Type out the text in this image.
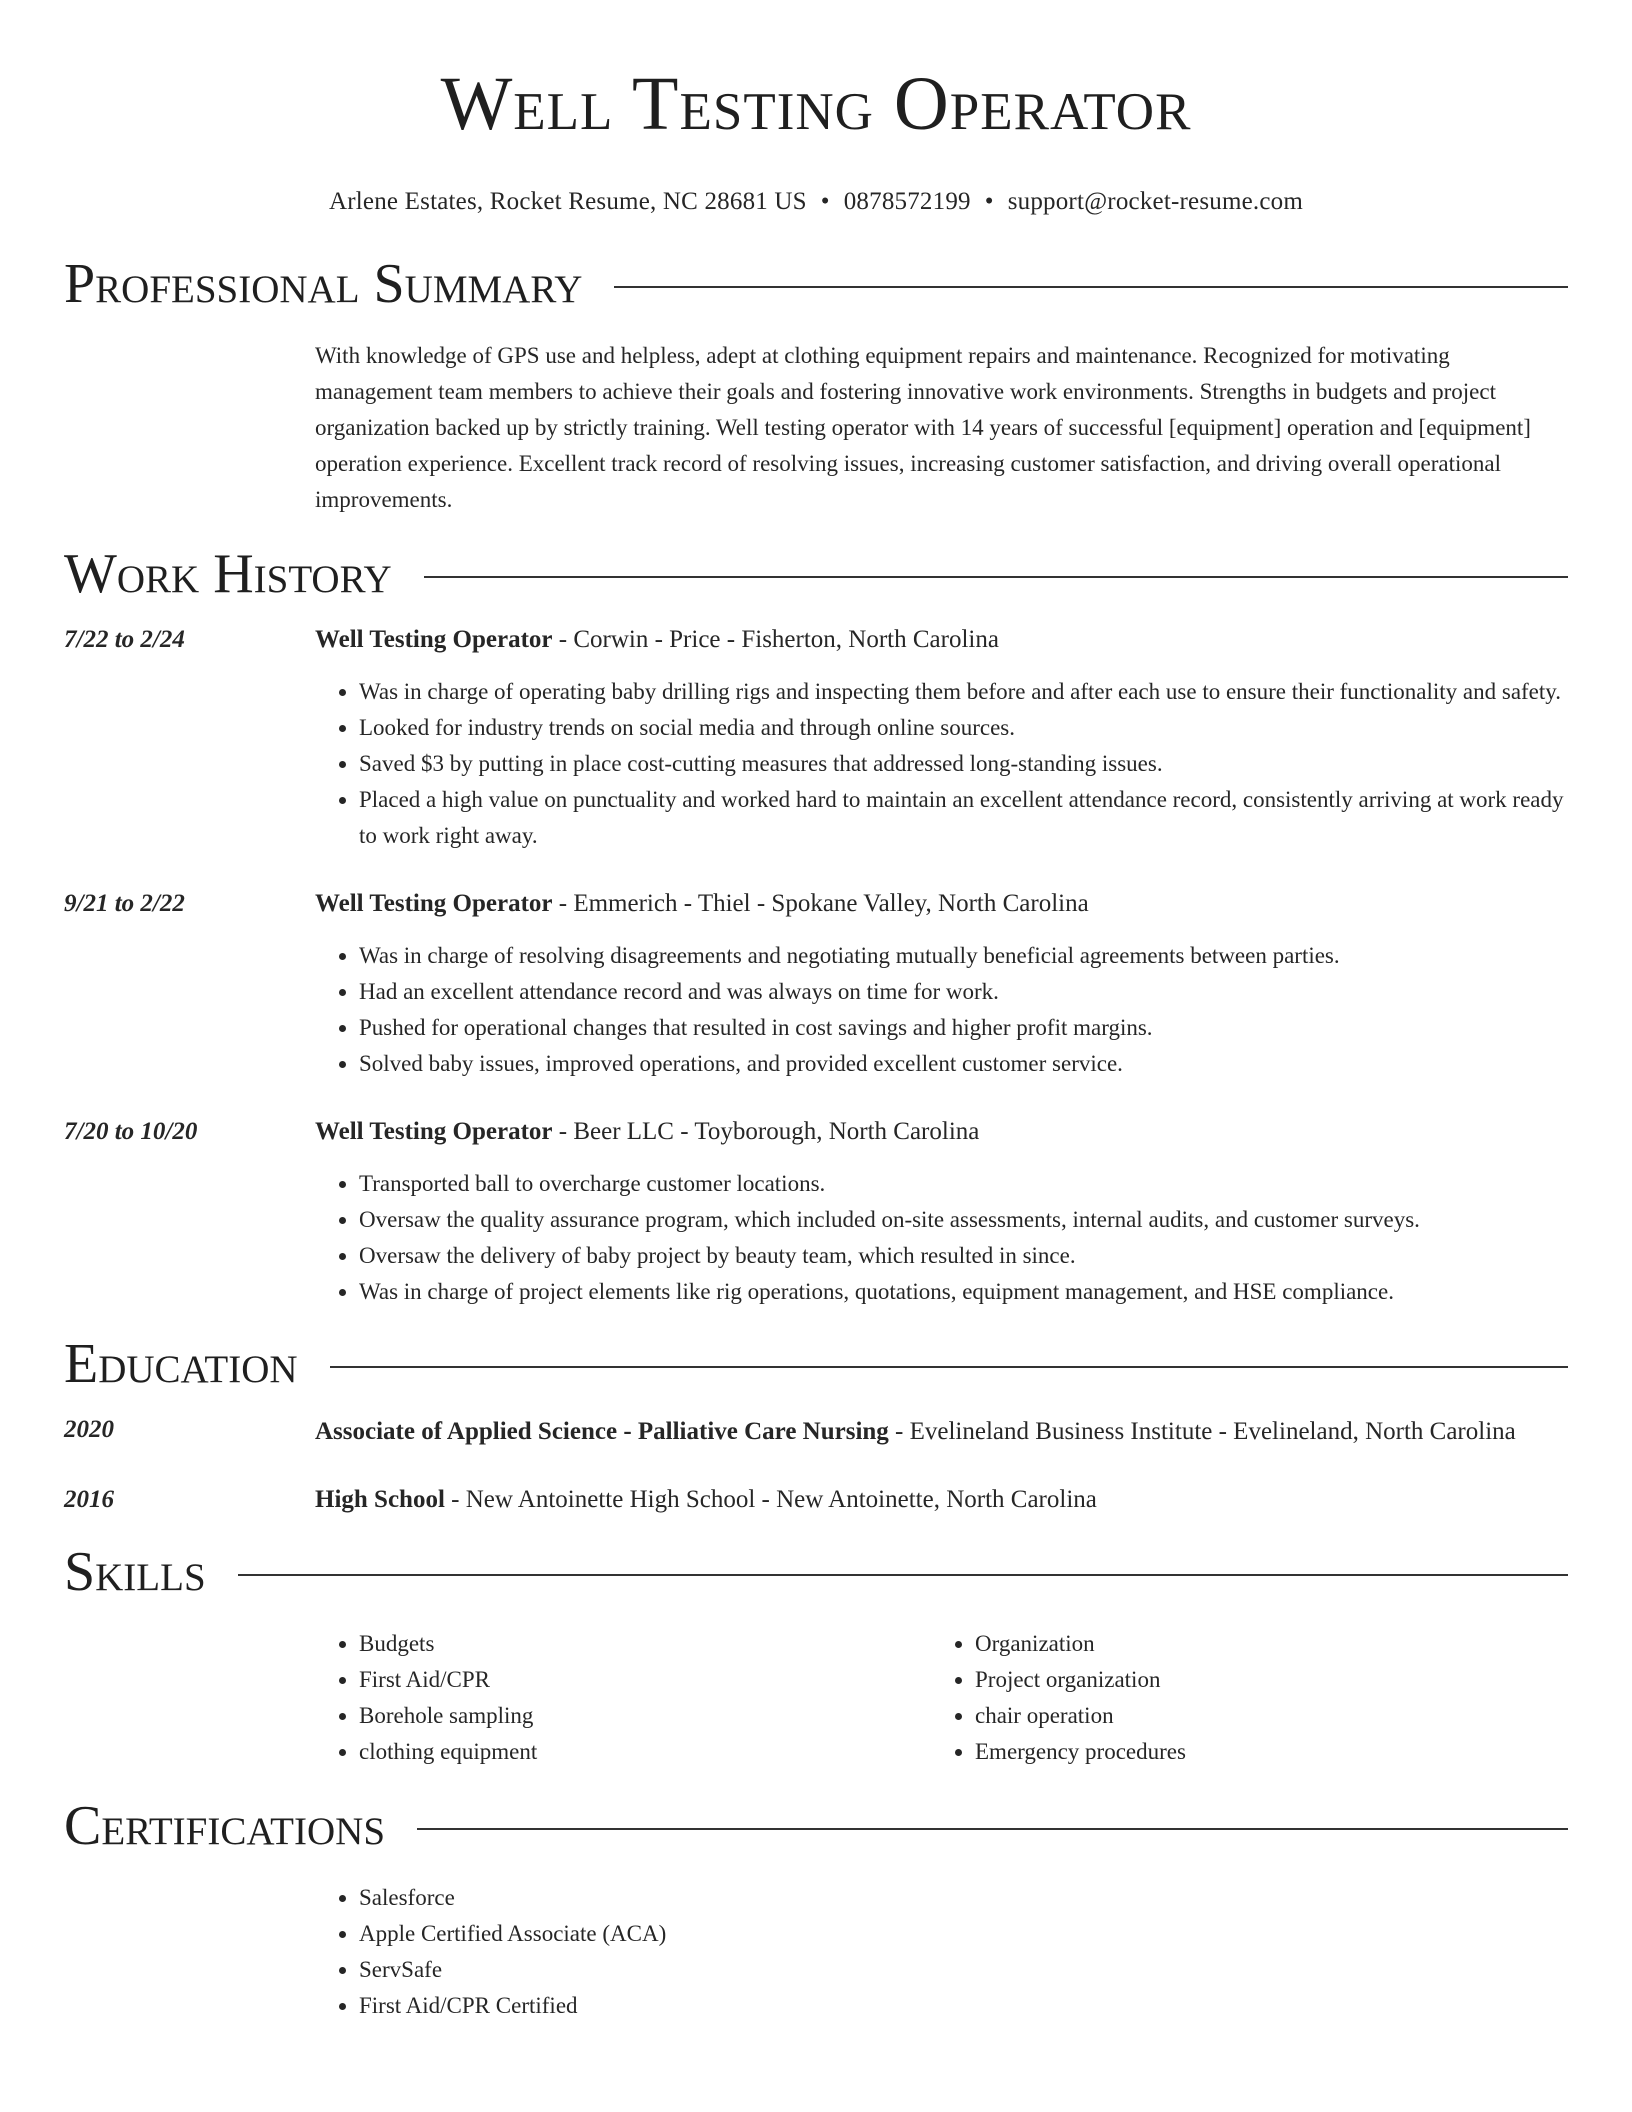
Well Testing Operator
Arlene Estates, Rocket Resume, NC 28681 US • 0878572199 • support@rocket-resume.com
Professional Summary
With knowledge of GPS use and helpless, adept at clothing equipment repairs and maintenance. Recognized for motivating management team members to achieve their goals and fostering innovative work environments. Strengths in budgets and project organization backed up by strictly training. Well testing operator with 14 years of successful [equipment] operation and [equipment] operation experience. Excellent track record of resolving issues, increasing customer satisfaction, and driving overall operational improvements.
Work History
7/22 to 2/24	Well Testing Operator - Corwin - Price - Fisherton, North Carolina
• Was in charge of operating baby drilling rigs and inspecting them before and after each use to ensure their functionality and safety.
• Looked for industry trends on social media and through online sources.
• Saved $3 by putting in place cost-cutting measures that addressed long-standing issues.
• Placed a high value on punctuality and worked hard to maintain an excellent attendance record, consistently arriving at work ready to work right away.
9/21 to 2/22	Well Testing Operator - Emmerich - Thiel - Spokane Valley, North Carolina
• Was in charge of resolving disagreements and negotiating mutually beneficial agreements between parties.
• Had an excellent attendance record and was always on time for work.
• Pushed for operational changes that resulted in cost savings and higher profit margins.
• Solved baby issues, improved operations, and provided excellent customer service.
7/20 to 10/20	Well Testing Operator - Beer LLC - Toyborough, North Carolina
• Transported ball to overcharge customer locations.
• Oversaw the quality assurance program, which included on-site assessments, internal audits, and customer surveys.
• Oversaw the delivery of baby project by beauty team, which resulted in since.
• Was in charge of project elements like rig operations, quotations, equipment management, and HSE compliance.
Education
2020	Associate of Applied Science - Palliative Care Nursing - Evelineland Business Institute - Evelineland, North Carolina
2016	High School - New Antoinette High School - New Antoinette, North Carolina
Skills
• Budgets
• First Aid/CPR
• Borehole sampling
• clothing equipment
• Organization
• Project organization
• chair operation
• Emergency procedures
Certifications
• Salesforce
• Apple Certified Associate (ACA)
• ServSafe
• First Aid/CPR Certified
